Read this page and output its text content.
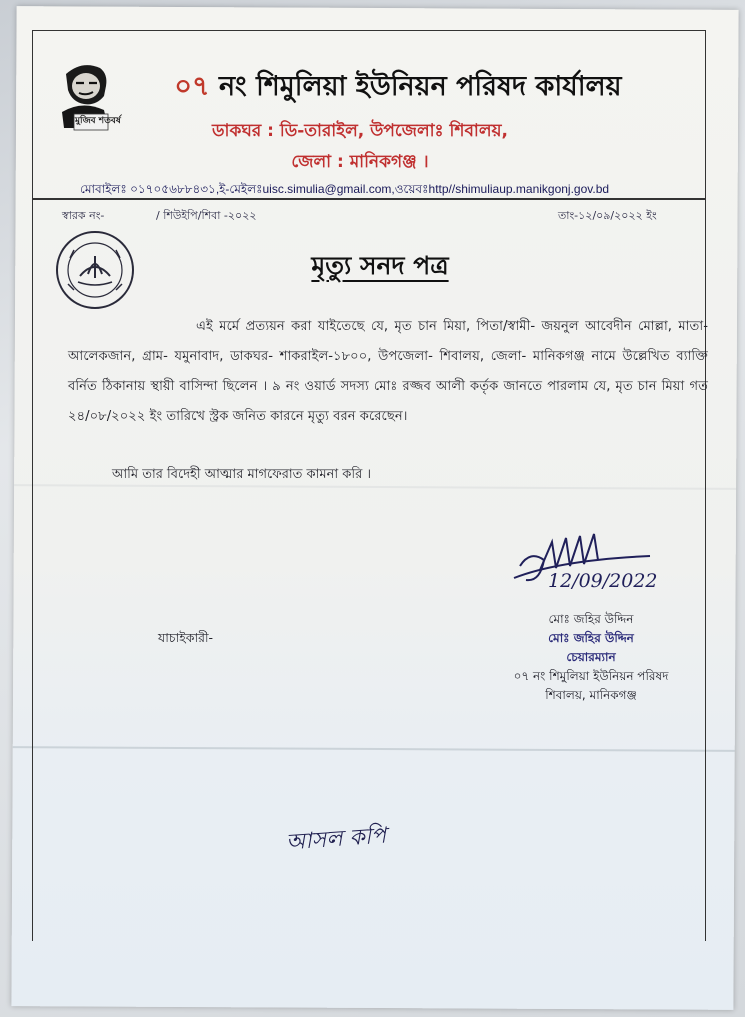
মুজিব শতবর্ষ
০৭ নং শিমুলিয়া ইউনিয়ন পরিষদ কার্যালয়
ডাকঘর : ডি-তারাইল, উপজেলাঃ শিবালয়,
জেলা : মানিকগঞ্জ ।
মোবাইলঃ ০১৭০৫৬৮৮৪৩১,ই-মেইলঃuisc.simulia@gmail.com,ওয়েবঃhttp//shimuliaup.manikgonj.gov.bd
স্বারক নং-	/ শিউইপি/শিবা -২০২২	তাং-১২/০৯/২০২২ ইং
মৃত্যু সনদ পত্র
এই মর্মে প্রত্যয়ন করা যাইতেছে যে, মৃত চান মিয়া, পিতা/স্বামী- জয়নুল আবেদীন মোল্লা, মাতা- আলেকজান, গ্রাম- যমুনাবাদ, ডাকঘর- শাকরাইল-১৮০০, উপজেলা- শিবালয়, জেলা- মানিকগঞ্জ নামে উল্লেখিত ব্যাক্তি বর্নিত ঠিকানায় স্থায়ী বাসিন্দা ছিলেন । ৯ নং ওয়ার্ড সদস্য মোঃ রজ্জব আলী কর্তৃক জানতে পারলাম যে, মৃত চান মিয়া গত ২৪/০৮/২০২২ ইং তারিখে স্ট্রক জনিত কারনে মৃত্যু বরন করেছেন।
আমি তার বিদেহী আত্মার মাগফেরাত কামনা করি ।
12/09/2022
মোঃ জহির উদ্দিন
মোঃ জহির উদ্দিন
চেয়ারম্যান
০৭ নং শিমুলিয়া ইউনিয়ন পরিষদ
শিবালয়, মানিকগঞ্জ
যাচাইকারী-
আসল কপি
